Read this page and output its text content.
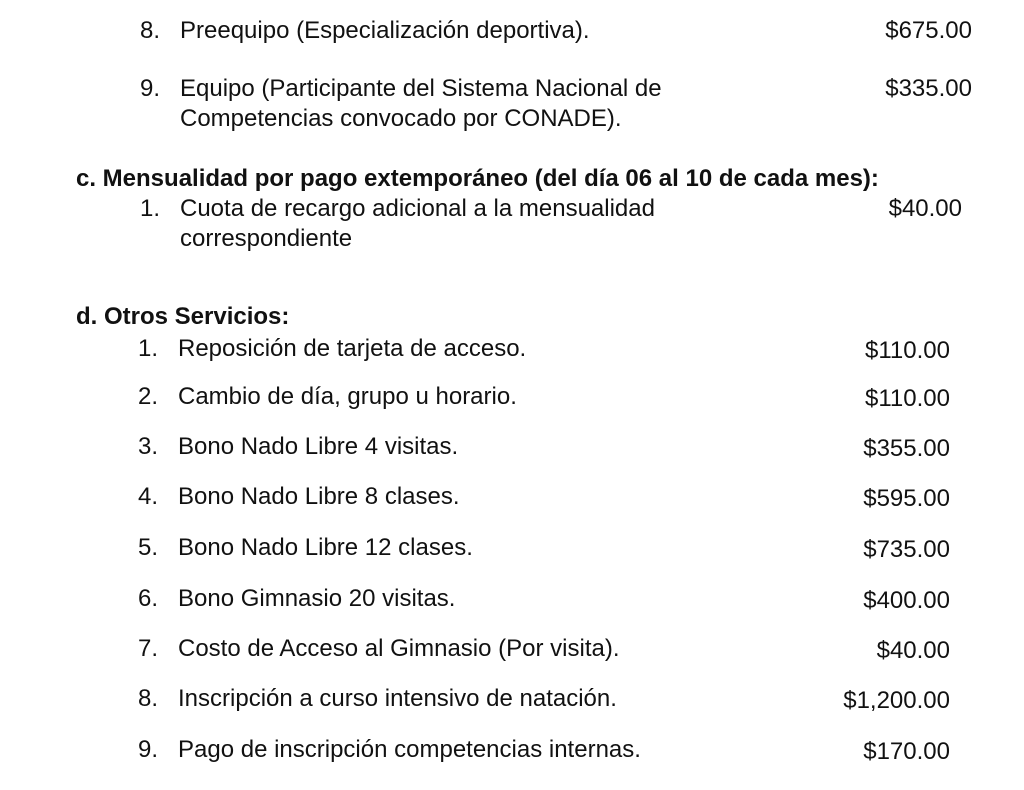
8. Preequipo (Especialización deportiva).	$675.00
9. Equipo (Participante del Sistema Nacional de
Competencias convocado por CONADE).
$335.00
c. Mensualidad por pago extemporáneo (del día 06 al 10 de cada mes):
1. Cuota de recargo adicional a la mensualidad
correspondiente
$40.00
d. Otros Servicios:
1. Reposición de tarjeta de acceso.	$110.00
2. Cambio de día, grupo u horario.	$110.00
3. Bono Nado Libre 4 visitas.	$355.00
4. Bono Nado Libre 8 clases.	$595.00
5. Bono Nado Libre 12 clases.	$735.00
6. Bono Gimnasio 20 visitas.	$400.00
7. Costo de Acceso al Gimnasio (Por visita).	$40.00
8. Inscripción a curso intensivo de natación.	$1,200.00
9. Pago de inscripción competencias internas.	$170.00
